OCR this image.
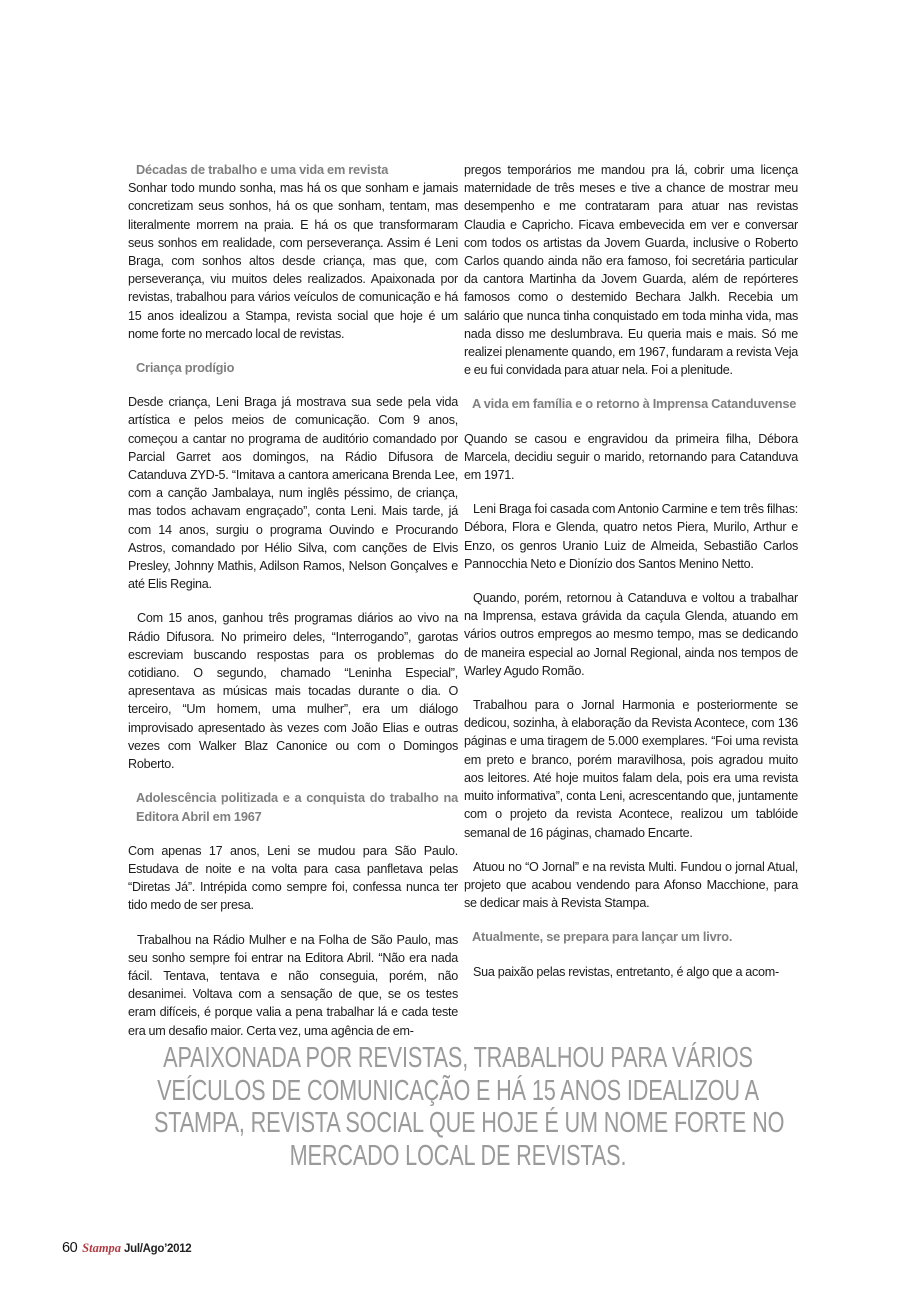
Décadas de trabalho e uma vida em revista

Sonhar todo mundo sonha, mas há os que sonham e jamais concretizam seus sonhos, há os que sonham, tentam, mas literalmente morrem na praia. E há os que transformaram seus sonhos em realidade, com perseverança. Assim é Leni Braga, com sonhos altos desde criança, mas que, com perseverança, viu muitos deles realizados. Apaixonada por revistas, trabalhou para vários veículos de comunicação e há 15 anos idealizou a Stampa, revista social que hoje é um nome forte no mercado local de revistas.

Criança prodígio

Desde criança, Leni Braga já mostrava sua sede pela vida artística e pelos meios de comunicação. Com 9 anos, começou a cantar no programa de auditório comandado por Parcial Garret aos domingos, na Rádio Difusora de Catanduva ZYD-5. “Imitava a cantora americana Brenda Lee, com a canção Jambalaya, num inglês péssimo, de criança, mas todos achavam engraçado”, conta Leni. Mais tarde, já com 14 anos, surgiu o programa Ouvindo e Procurando Astros, comandado por Hélio Silva, com canções de Elvis Presley, Johnny Mathis, Adilson Ramos, Nelson Gonçalves e até Elis Regina.

Com 15 anos, ganhou três programas diários ao vivo na Rádio Difusora. No primeiro deles, “Interrogando”, garotas escreviam buscando respostas para os problemas do cotidiano. O segundo, chamado “Leninha Especial”, apresentava as músicas mais tocadas durante o dia. O terceiro, “Um homem, uma mulher”, era um diálogo improvisado apresentado às vezes com João Elias e outras vezes com Walker Blaz Canonice ou com o Domingos Roberto.

Adolescência politizada e a conquista do trabalho na Editora Abril em 1967

Com apenas 17 anos, Leni se mudou para São Paulo. Estudava de noite e na volta para casa panfletava pelas “Diretas Já”. Intrépida como sempre foi, confessa nunca ter tido medo de ser presa.

Trabalhou na Rádio Mulher e na Folha de São Paulo, mas seu sonho sempre foi entrar na Editora Abril. “Não era nada fácil. Tentava, tentava e não conseguia, porém, não desanimei. Voltava com a sensação de que, se os testes eram difíceis, é porque valia a pena trabalhar lá e cada teste era um desafio maior. Certa vez, uma agência de em-

pregos temporários me mandou pra lá, cobrir uma licença maternidade de três meses e tive a chance de mostrar meu desempenho e me contrataram para atuar nas revistas Claudia e Capricho. Ficava embevecida em ver e conversar com todos os artistas da Jovem Guarda, inclusive o Roberto Carlos quando ainda não era famoso, foi secretária particular da cantora Martinha da Jovem Guarda, além de repórteres famosos como o destemido Bechara Jalkh. Recebia um salário que nunca tinha conquistado em toda minha vida, mas nada disso me deslumbrava. Eu queria mais e mais. Só me realizei plenamente quando, em 1967, fundaram a revista Veja e eu fui convidada para atuar nela. Foi a plenitude.

A vida em família e o retorno à Imprensa Catanduvense

Quando se casou e engravidou da primeira filha, Débora Marcela, decidiu seguir o marido, retornando para Catanduva em 1971.

Leni Braga foi casada com Antonio Carmine e tem três filhas: Débora, Flora e Glenda, quatro netos Piera, Murilo, Arthur e Enzo, os genros Uranio Luiz de Almeida, Sebastião Carlos Pannocchia Neto e Dionízio dos Santos Menino Netto.

Quando, porém, retornou à Catanduva e voltou a trabalhar na Imprensa, estava grávida da caçula Glenda, atuando em vários outros empregos ao mesmo tempo, mas se dedicando de maneira especial ao Jornal Regional, ainda nos tempos de Warley Agudo Romão.

Trabalhou para o Jornal Harmonia e posteriormente se dedicou, sozinha, à elaboração da Revista Acontece, com 136 páginas e uma tiragem de 5.000 exemplares. “Foi uma revista em preto e branco, porém maravilhosa, pois agradou muito aos leitores. Até hoje muitos falam dela, pois era uma revista muito informativa”, conta Leni, acrescentando que, juntamente com o projeto da revista Acontece, realizou um tablóide semanal de 16 páginas, chamado Encarte.

Atuou no “O Jornal” e na revista Multi. Fundou o jornal Atual, projeto que acabou vendendo para Afonso Macchione, para se dedicar mais à Revista Stampa.

Atualmente, se prepara para lançar um livro.

Sua paixão pelas revistas, entretanto, é algo que a acom-

APAIXONADA POR REVISTAS, TRABALHOU PARA VÁRIOS
VEÍCULOS DE COMUNICAÇÃO E HÁ 15 ANOS IDEALIZOU A
STAMPA, REVISTA SOCIAL QUE HOJE É UM NOME FORTE NO
MERCADO LOCAL DE REVISTAS.
60 Stampa Jul/Ago’2012
